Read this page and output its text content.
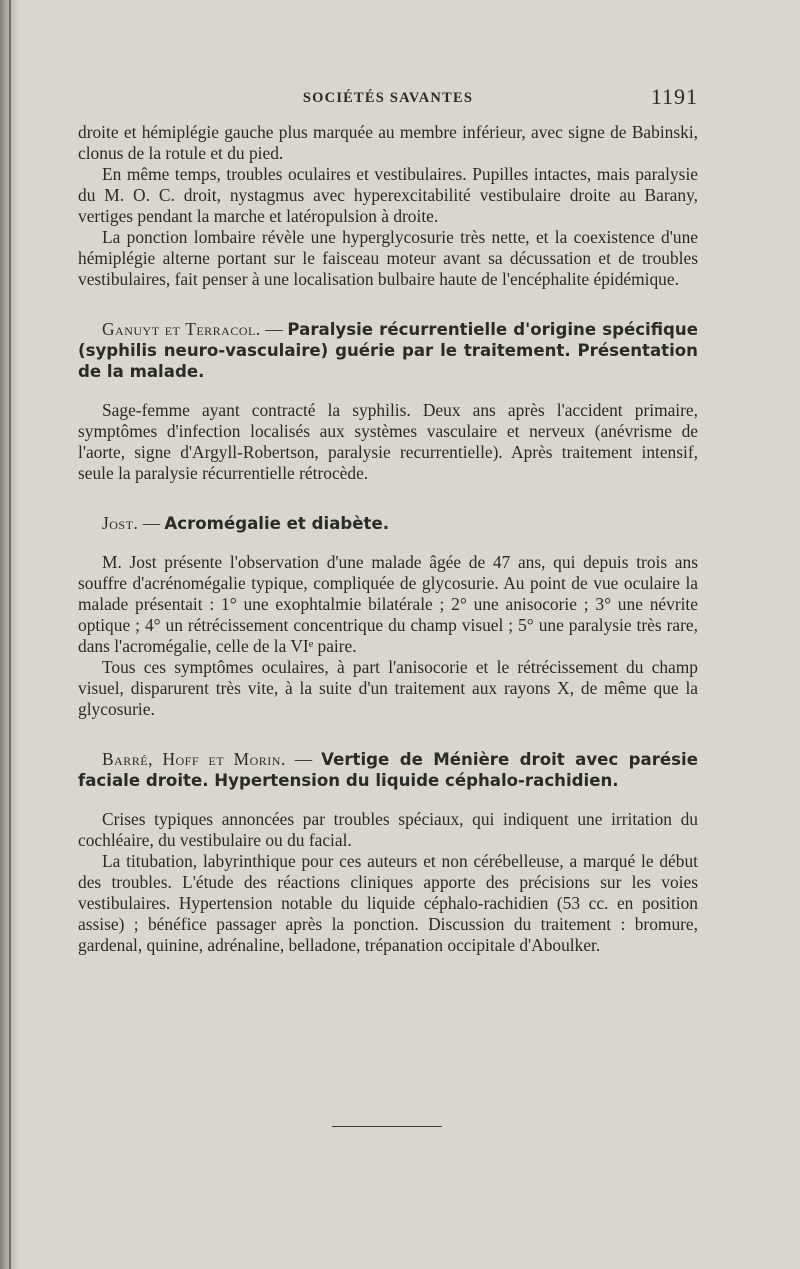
SOCIÉTÉS SAVANTES	1191

droite et hémiplégie gauche plus marquée au membre inférieur, avec signe de Babinski, clonus de la rotule et du pied.

En même temps, troubles oculaires et vestibulaires. Pupilles intactes, mais paralysie du M. O. C. droit, nystagmus avec hyperexcitabilité vestibulaire droite au Barany, vertiges pendant la marche et latéropulsion à droite.

La ponction lombaire révèle une hyperglycosurie très nette, et la coexistence d'une hémiplégie alterne portant sur le faisceau moteur avant sa décussation et de troubles vestibulaires, fait penser à une localisation bulbaire haute de l'encéphalite épidémique.

Ganuyt et Terracol. — Paralysie récurrentielle d'origine spécifique (syphilis neuro-vasculaire) guérie par le traitement. Présentation de la malade.

Sage-femme ayant contracté la syphilis. Deux ans après l'accident primaire, symptômes d'infection localisés aux systèmes vasculaire et nerveux (anévrisme de l'aorte, signe d'Argyll-Robertson, paralysie recurrentielle). Après traitement intensif, seule la paralysie récurrentielle rétrocède.

Jost. — Acromégalie et diabète.

M. Jost présente l'observation d'une malade âgée de 47 ans, qui depuis trois ans souffre d'acrénomégalie typique, compliquée de glycosurie. Au point de vue oculaire la malade présentait : 1° une exophtalmie bilatérale ; 2° une anisocorie ; 3° une névrite optique ; 4° un rétrécissement concentrique du champ visuel ; 5° une paralysie très rare, dans l'acromégalie, celle de la VIᵉ paire.

Tous ces symptômes oculaires, à part l'anisocorie et le rétrécissement du champ visuel, disparurent très vite, à la suite d'un traitement aux rayons X, de même que la glycosurie.

Barré, Hoff et Morin. — Vertige de Ménière droit avec parésie faciale droite. Hypertension du liquide céphalo-rachidien.

Crises typiques annoncées par troubles spéciaux, qui indiquent une irritation du cochléaire, du vestibulaire ou du facial.

La titubation, labyrinthique pour ces auteurs et non cérébelleuse, a marqué le début des troubles. L'étude des réactions cliniques apporte des précisions sur les voies vestibulaires. Hypertension notable du liquide céphalo-rachidien (53 cc. en position assise) ; bénéfice passager après la ponction. Discussion du traitement : bromure, gardenal, quinine, adrénaline, belladone, trépanation occipitale d'Aboulker.
